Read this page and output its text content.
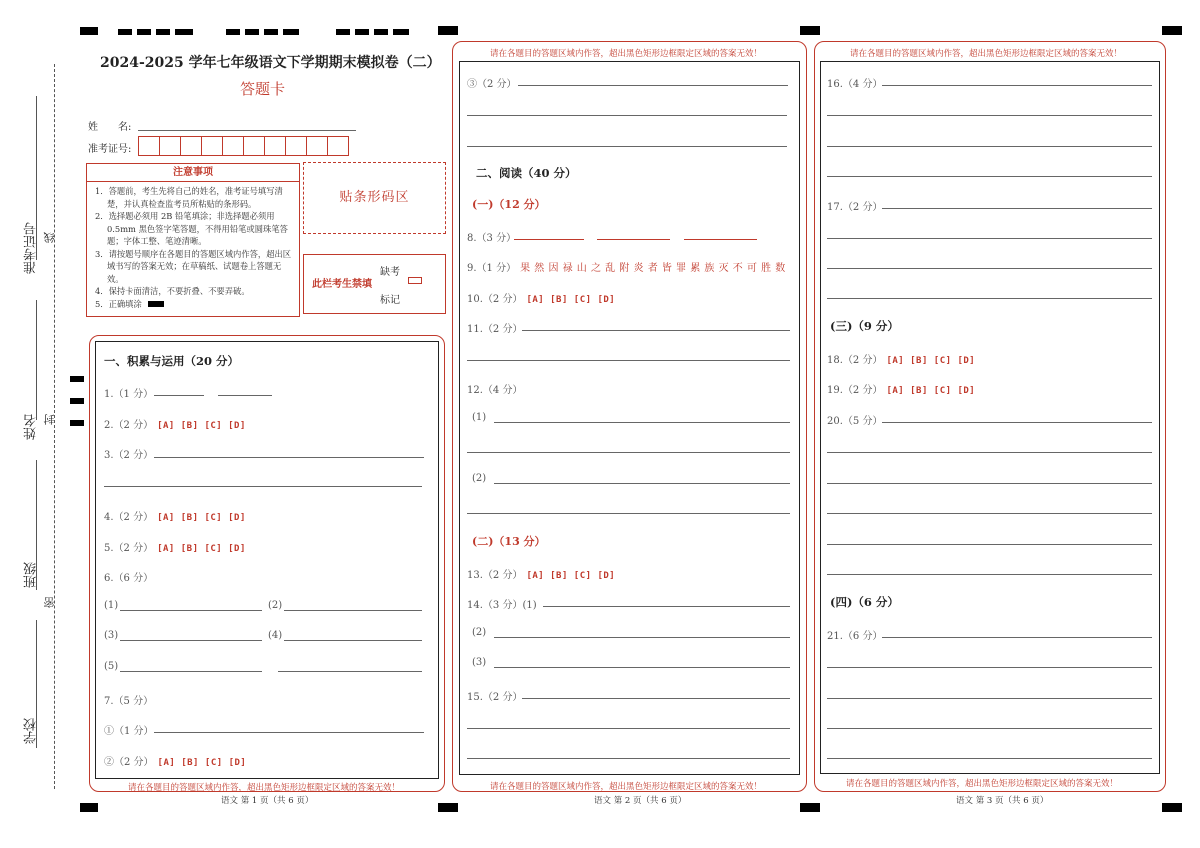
准考证号
姓名
班级
学校
线
封
密
2024-2025 学年七年级语文下学期期末模拟卷（二）
答题卡
姓　　名:
准考证号:
注意事项
1．答题前，考生先将自己的姓名，准考证号填写清楚，并认真检查监考员所粘贴的条形码。
2．选择题必须用 2B 铅笔填涂；非选择题必须用 0.5mm 黑色签字笔答题，不得用铅笔或圆珠笔答题；字体工整、笔迹清晰。
3．请按题号顺序在各题目的答题区域内作答，超出区域书写的答案无效；在草稿纸、试题卷上答题无效。
4．保持卡面清洁，不要折叠、不要弄破。
5．正确填涂
贴条形码区
此栏考生禁填
缺考
标记
请在各题目的答题区域内作答，超出黑色矩形边框限定区域的答案无效！
语文 第 1 页（共 6 页）
一、积累与运用（20 分）
1.（1 分）
2.（2 分） [A] [B] [C] [D]
3.（2 分）
4.（2 分） [A] [B] [C] [D]
5.（2 分） [A] [B] [C] [D]
6.（6 分）
(1)	(2)
(3)	(4)
(5)
7.（5 分）
①（1 分）
②（2 分） [A] [B] [C] [D]
请在各题目的答题区域内作答，超出黑色矩形边框限定区域的答案无效！
请在各题目的答题区域内作答，超出黑色矩形边框限定区域的答案无效！
语文 第 2 页（共 6 页）
③（2 分）
二、阅读（40 分）
(一)（12 分）
8.（3 分）
9.（1 分） 果 然 因 禄 山 之 乱 附 炎 者 皆 罪 累 族 灭 不 可 胜 数
10.（2 分） [A] [B] [C] [D]
11.（2 分）
12.（4 分）
(1)
(2)
(二)（13 分）
13.（2 分） [A] [B] [C] [D]
14.（3 分）(1)
(2)
(3)
15.（2 分）
请在各题目的答题区域内作答，超出黑色矩形边框限定区域的答案无效！
请在各题目的答题区域内作答，超出黑色矩形边框限定区域的答案无效！
语文 第 3 页（共 6 页）
16.（4 分）
17.（2 分）
(三)（9 分）
18.（2 分） [A] [B] [C] [D]
19.（2 分） [A] [B] [C] [D]
20.（5 分）
(四)（6 分）
21.（6 分）
